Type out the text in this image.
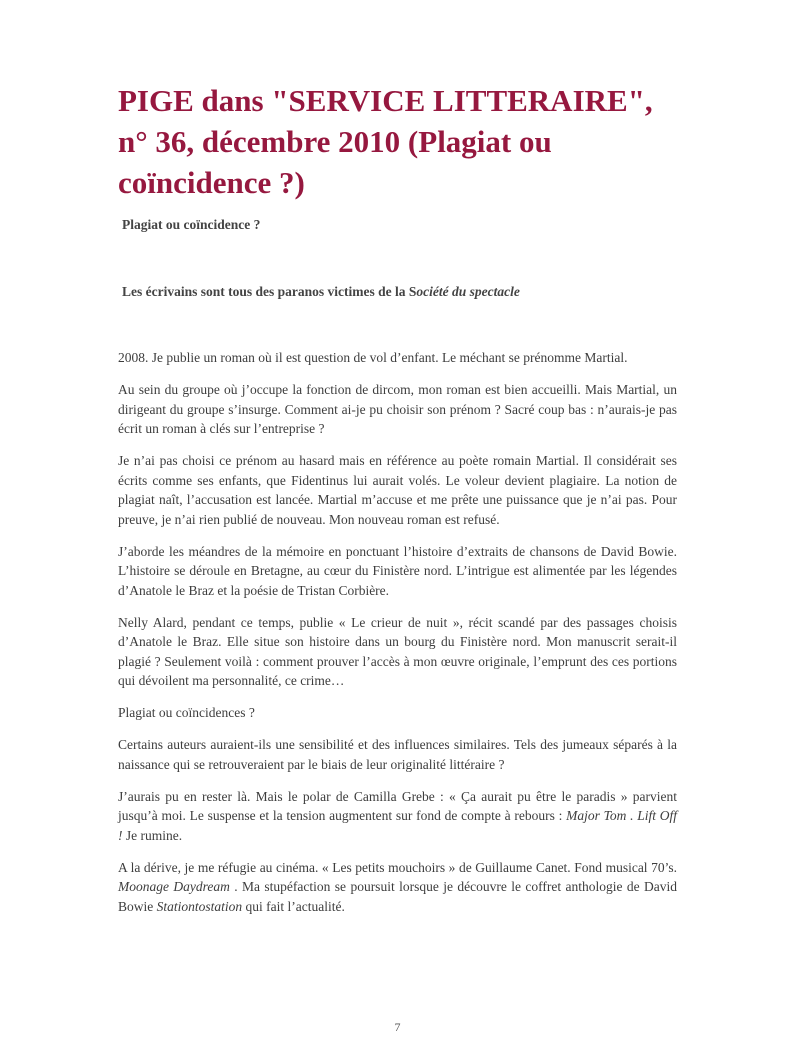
PIGE dans "SERVICE LITTERAIRE", n° 36, décembre 2010 (Plagiat ou coïncidence ?)
Plagiat ou coïncidence ?
Les écrivains sont tous des paranos victimes de la Société du spectacle

2008. Je publie un roman où il est question de vol d’enfant. Le méchant se prénomme Martial.

Au sein du groupe où j’occupe la fonction de dircom, mon roman est bien accueilli. Mais Martial, un dirigeant du groupe s’insurge. Comment ai-je pu choisir son prénom ? Sacré coup bas : n’aurais-je pas écrit un roman à clés sur l’entreprise ?

Je n’ai pas choisi ce prénom au hasard mais en référence au poète romain Martial. Il considérait ses écrits comme ses enfants, que Fidentinus lui aurait volés. Le voleur devient plagiaire. La notion de plagiat naît, l’accusation est lancée. Martial m’accuse et me prête une puissance que je n’ai pas. Pour preuve, je n’ai rien publié de nouveau. Mon nouveau roman est refusé.

J’aborde les méandres de la mémoire en ponctuant l’histoire d’extraits de chansons de David Bowie. L’histoire se déroule en Bretagne, au cœur du Finistère nord. L’intrigue est alimentée par les légendes d’Anatole le Braz et la poésie de Tristan Corbière.

Nelly Alard, pendant ce temps, publie « Le crieur de nuit », récit scandé par des passages choisis d’Anatole le Braz. Elle situe son histoire dans un bourg du Finistère nord. Mon manuscrit serait-il plagié ? Seulement voilà : comment prouver l’accès à mon œuvre originale, l’emprunt des ces portions qui dévoilent ma personnalité, ce crime…

Plagiat ou coïncidences ?

Certains auteurs auraient-ils une sensibilité et des influences similaires. Tels des jumeaux séparés à la naissance qui se retrouveraient par le biais de leur originalité littéraire ?

J’aurais pu en rester là. Mais le polar de Camilla Grebe : « Ça aurait pu être le paradis » parvient jusqu’à moi. Le suspense et la tension augmentent sur fond de compte à rebours : Major Tom . Lift Off ! Je rumine.

A la dérive, je me réfugie au cinéma. « Les petits mouchoirs » de Guillaume Canet. Fond musical 70’s. Moonage Daydream . Ma stupéfaction se poursuit lorsque je découvre le coffret anthologie de David Bowie Stationtostation qui fait l’actualité.

7
